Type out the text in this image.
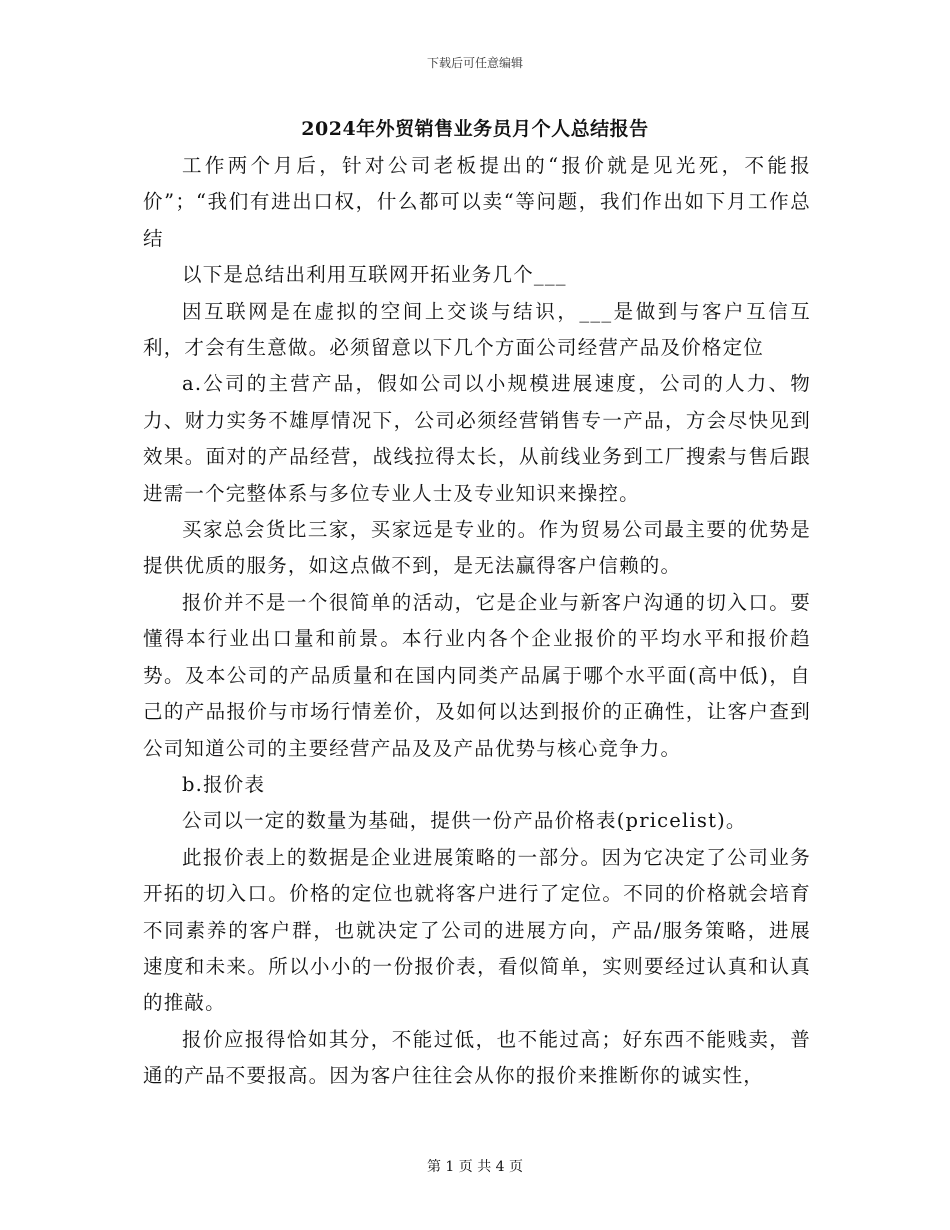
下载后可任意编辑
2024年外贸销售业务员月个人总结报告

工作两个月后，针对公司老板提出的“报价就是见光死，不能报价”；“我们有进出口权，什么都可以卖“等问题，我们作出如下月工作总结

以下是总结出利用互联网开拓业务几个___

因互联网是在虚拟的空间上交谈与结识，___是做到与客户互信互利，才会有生意做。必须留意以下几个方面公司经营产品及价格定位

a.公司的主营产品，假如公司以小规模进展速度，公司的人力、物力、财力实务不雄厚情况下，公司必须经营销售专一产品，方会尽快见到效果。面对的产品经营，战线拉得太长，从前线业务到工厂搜索与售后跟进需一个完整体系与多位专业人士及专业知识来操控。

买家总会货比三家，买家远是专业的。作为贸易公司最主要的优势是提供优质的服务，如这点做不到，是无法赢得客户信赖的。

报价并不是一个很简单的活动，它是企业与新客户沟通的切入口。要懂得本行业出口量和前景。本行业内各个企业报价的平均水平和报价趋势。及本公司的产品质量和在国内同类产品属于哪个水平面(高中低)，自己的产品报价与市场行情差价，及如何以达到报价的正确性，让客户查到公司知道公司的主要经营产品及及产品优势与核心竞争力。

b.报价表

公司以一定的数量为基础，提供一份产品价格表(pricelist)。

此报价表上的数据是企业进展策略的一部分。因为它决定了公司业务开拓的切入口。价格的定位也就将客户进行了定位。不同的价格就会培育不同素养的客户群，也就决定了公司的进展方向，产品/服务策略，进展速度和未来。所以小小的一份报价表，看似简单，实则要经过认真和认真的推敲。

报价应报得恰如其分，不能过低，也不能过高；好东西不能贱卖，普通的产品不要报高。因为客户往往会从你的报价来推断你的诚实性，

第 1 页 共 4 页
